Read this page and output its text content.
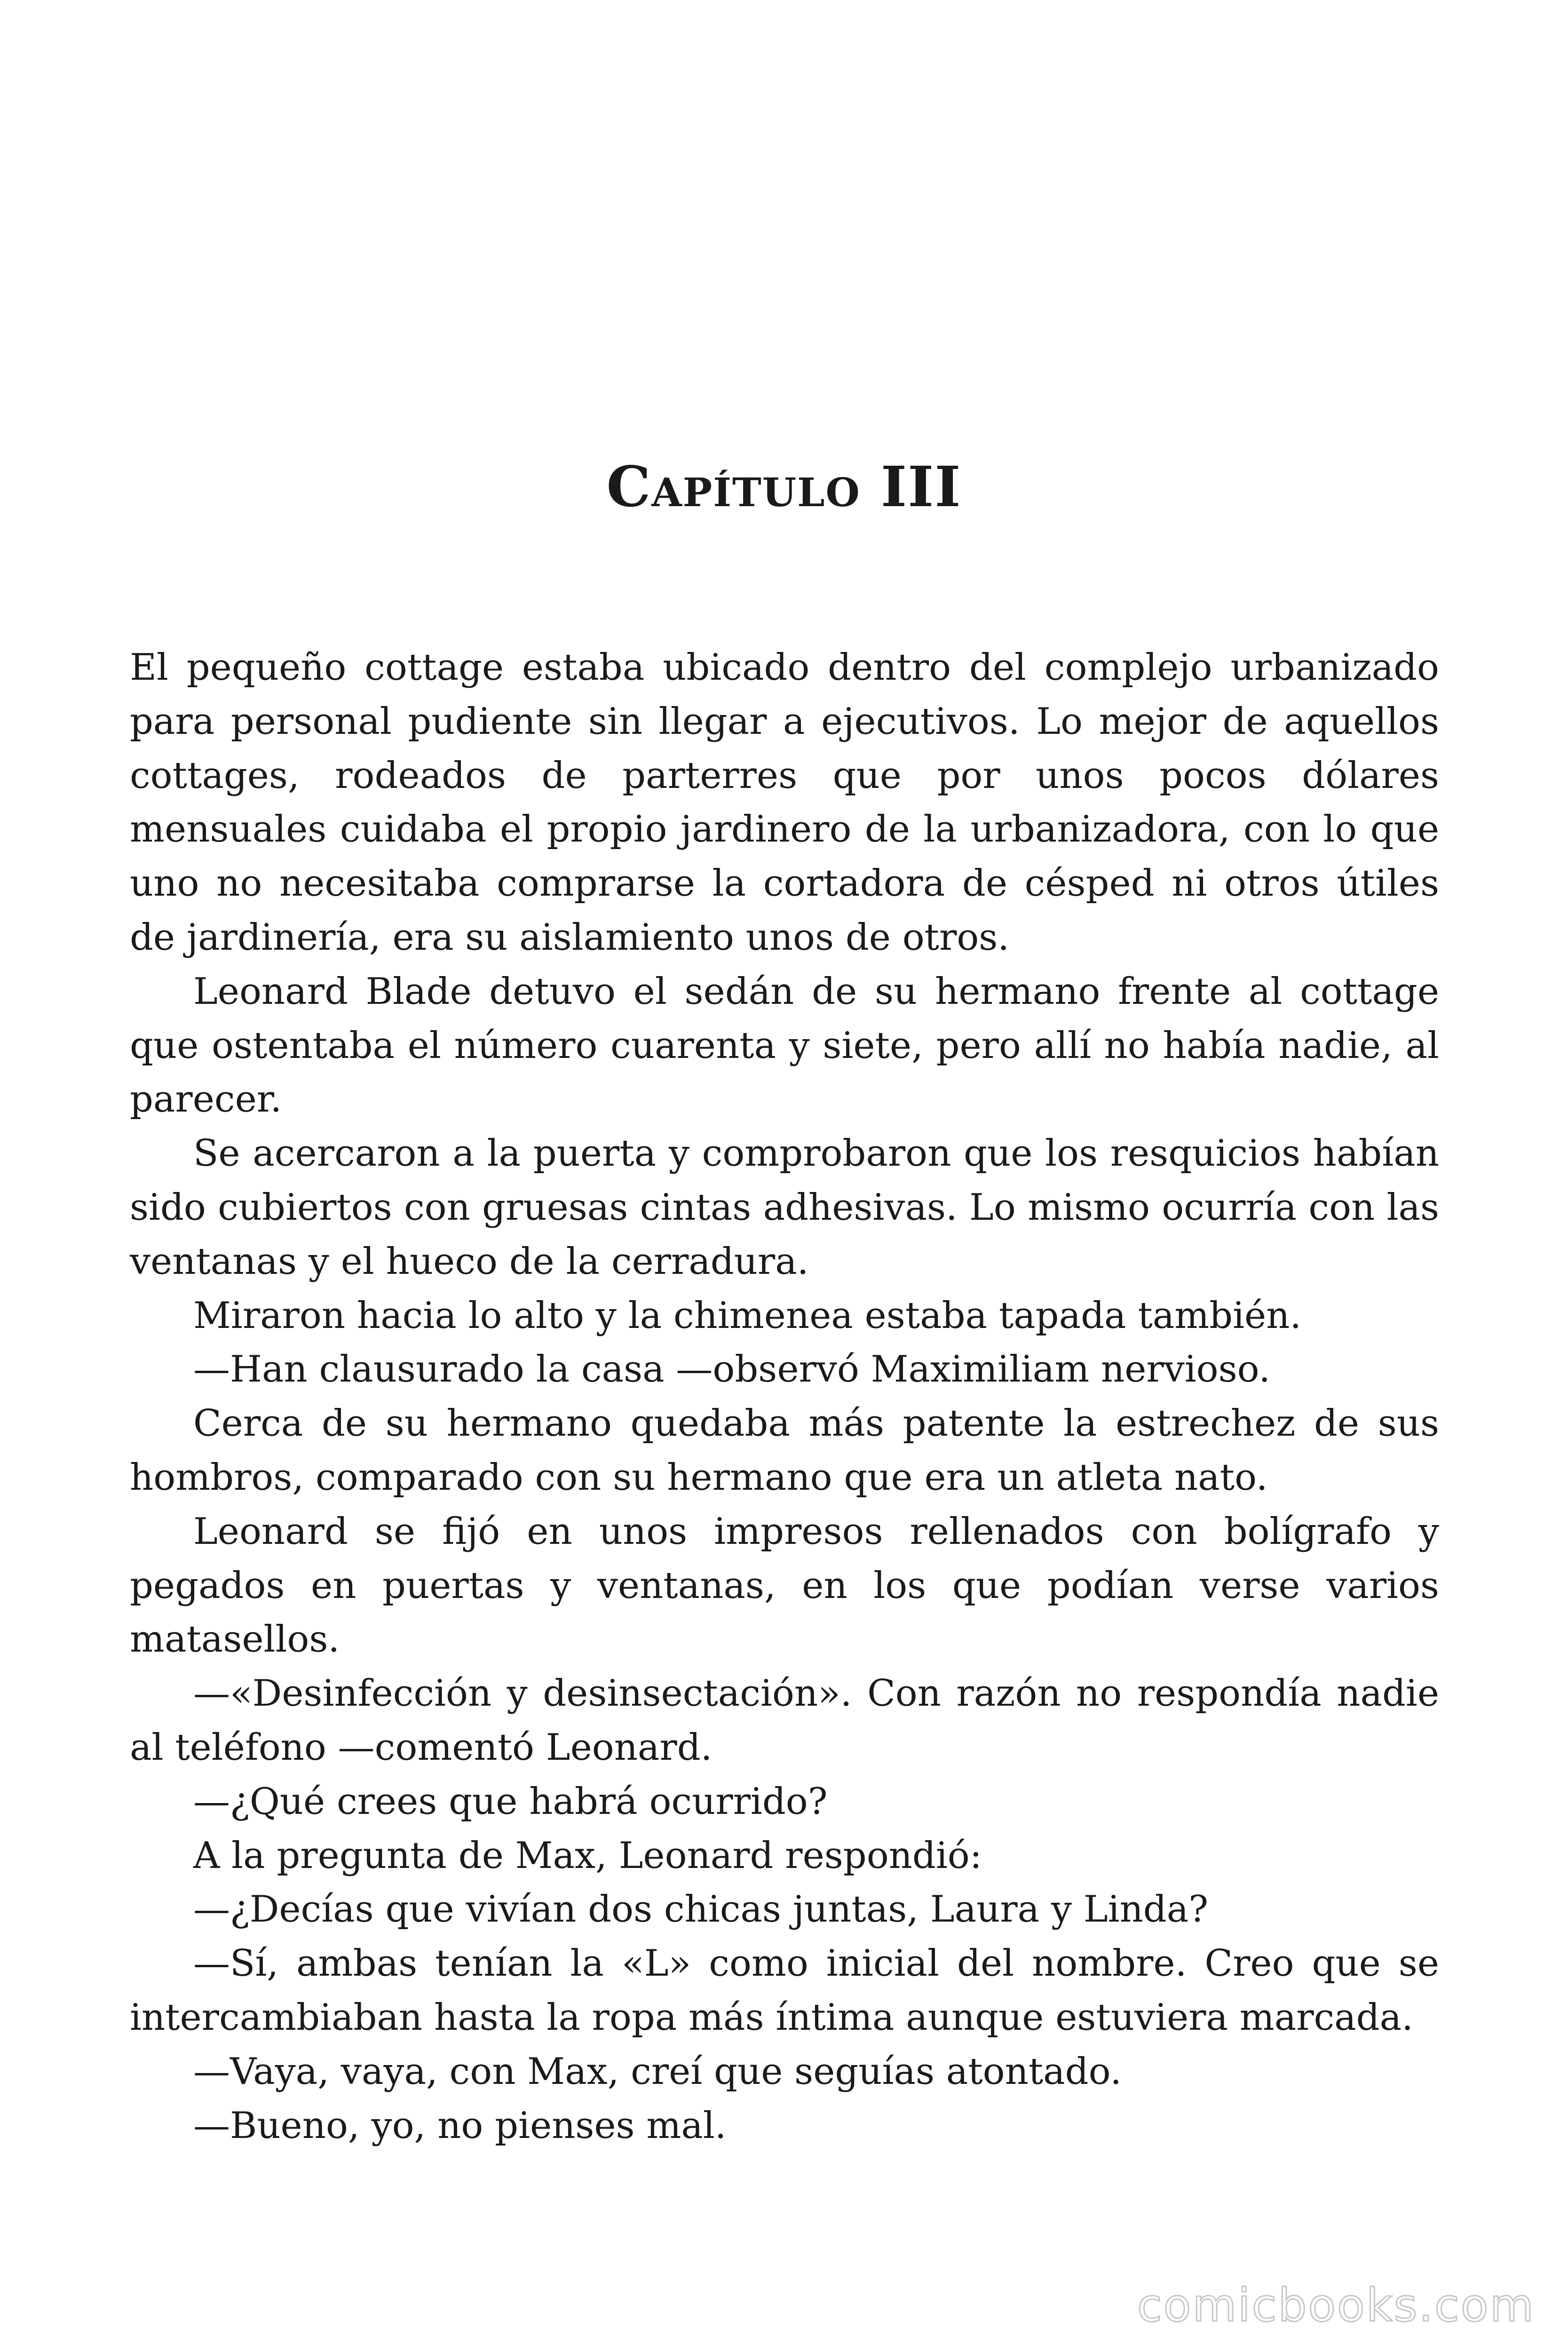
Capítulo III

El pequeño cottage estaba ubicado dentro del complejo urbanizado para personal pudiente sin llegar a ejecutivos. Lo mejor de aquellos cottages, rodeados de parterres que por unos pocos dólares mensuales cuidaba el propio jardinero de la urbanizadora, con lo que uno no necesitaba comprarse la cortadora de césped ni otros útiles de jardinería, era su aislamiento unos de otros.

Leonard Blade detuvo el sedán de su hermano frente al cottage que ostentaba el número cuarenta y siete, pero allí no había nadie, al parecer.

Se acercaron a la puerta y comprobaron que los resquicios habían sido cubiertos con gruesas cintas adhesivas. Lo mismo ocurría con las ventanas y el hueco de la cerradura.

Miraron hacia lo alto y la chimenea estaba tapada también.

—Han clausurado la casa —observó Maximiliam nervioso.

Cerca de su hermano quedaba más patente la estrechez de sus hombros, comparado con su hermano que era un atleta nato.

Leonard se fijó en unos impresos rellenados con bolígrafo y pegados en puertas y ventanas, en los que podían verse varios matasellos.

—«Desinfección y desinsectación». Con razón no respondía nadie al teléfono —comentó Leonard.

—¿Qué crees que habrá ocurrido?

A la pregunta de Max, Leonard respondió:

—¿Decías que vivían dos chicas juntas, Laura y Linda?

—Sí, ambas tenían la «L» como inicial del nombre. Creo que se intercambiaban hasta la ropa más íntima aunque estuviera marcada.

—Vaya, vaya, con Max, creí que seguías atontado.

—Bueno, yo, no pienses mal.

comicbooks.com
